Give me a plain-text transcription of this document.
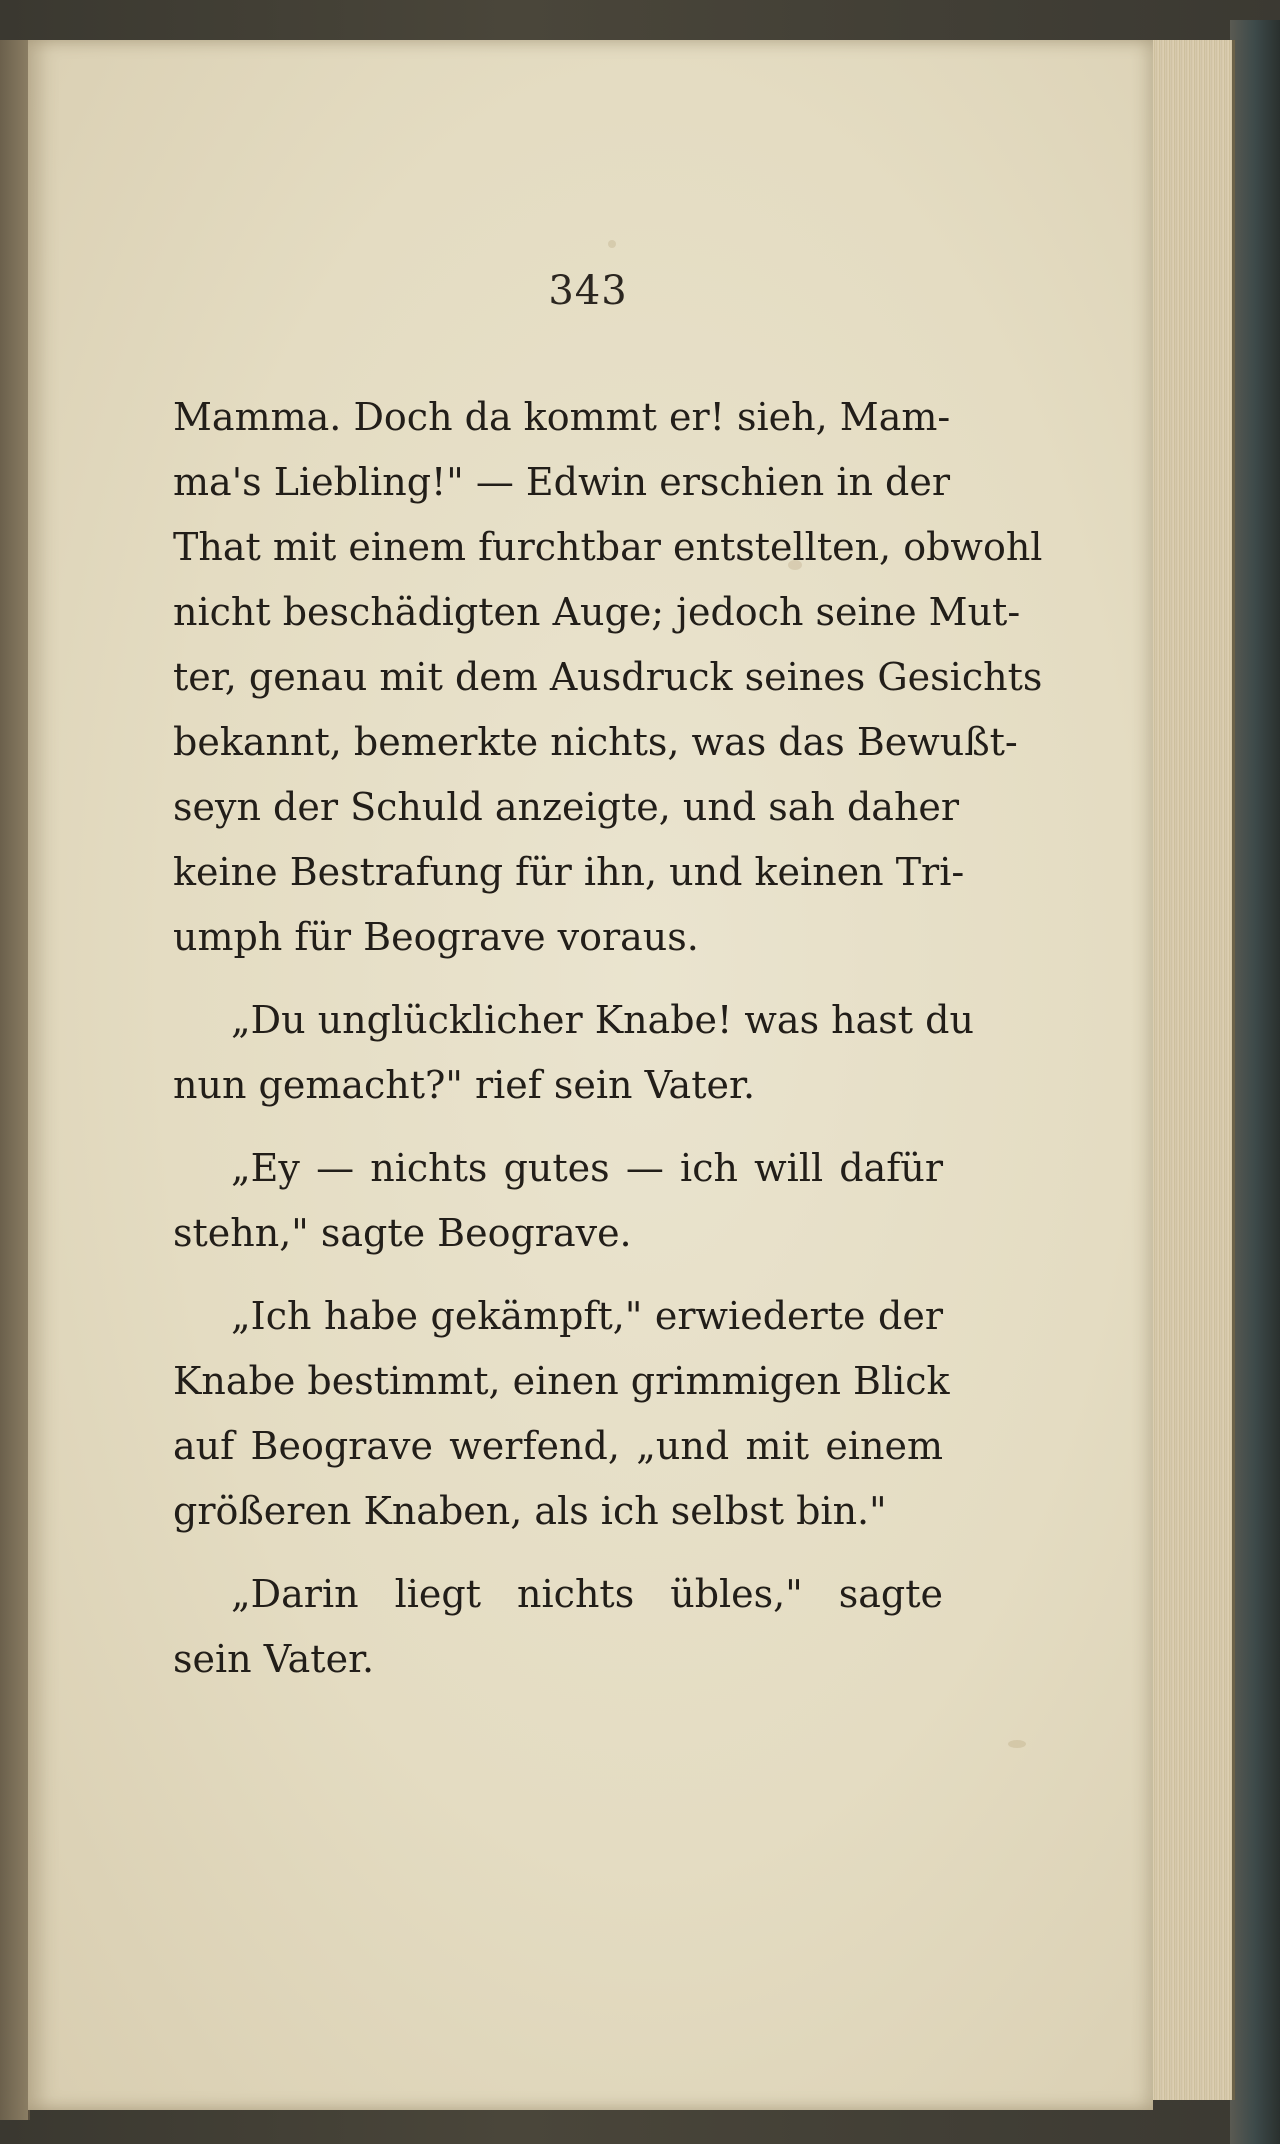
343
Mamma. Doch da kommt er! sieh, Mam-
ma's Liebling!" — Edwin erschien in der
That mit einem furchtbar entstellten, obwohl
nicht beschädigten Auge; jedoch seine Mut-
ter, genau mit dem Ausdruck seines Gesichts
bekannt, bemerkte nichts, was das Bewußt-
seyn der Schuld anzeigte, und sah daher
keine Bestrafung für ihn, und keinen Tri-
umph für Beograve voraus.
„Du unglücklicher Knabe! was hast du
nun gemacht?" rief sein Vater.
„Ey — nichts gutes — ich will dafür
stehn," sagte Beograve.
„Ich habe gekämpft," erwiederte der
Knabe bestimmt, einen grimmigen Blick
auf Beograve werfend, „und mit einem
größeren Knaben, als ich selbst bin."
„Darin liegt nichts übles," sagte
sein Vater.
